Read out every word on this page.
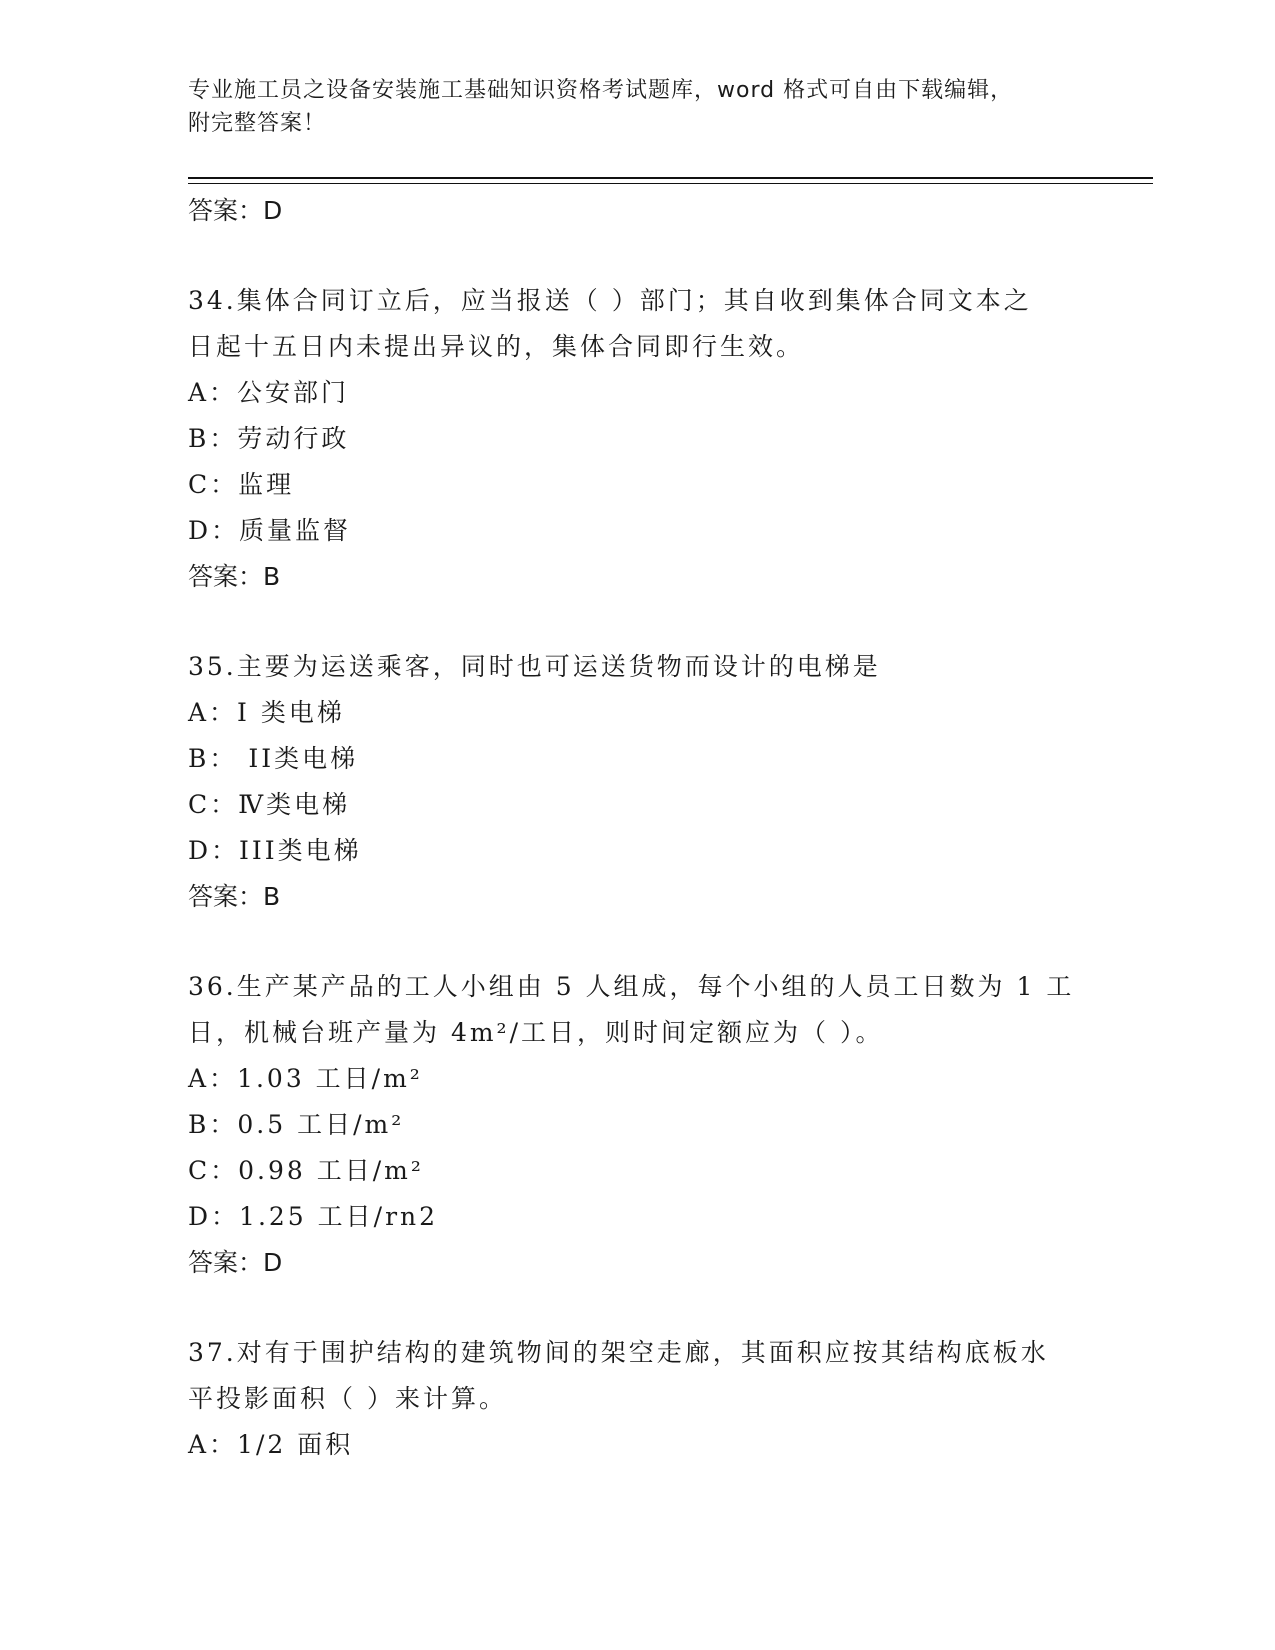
专业施工员之设备安装施工基础知识资格考试题库，word 格式可自由下载编辑，
附完整答案！
答案：D
34.集体合同订立后，应当报送（ ）部门；其自收到集体合同文本之
日起十五日内未提出异议的，集体合同即行生效。
A：公安部门
B：劳动行政
C：监理
D：质量监督
答案：B
35.主要为运送乘客，同时也可运送货物而设计的电梯是
A：I 类电梯
B： II类电梯
C：Ⅳ类电梯
D：III类电梯
答案：B
36.生产某产品的工人小组由 5 人组成，每个小组的人员工日数为 1 工
日，机械台班产量为 4m²/工日，则时间定额应为（ ）。
A：1.03 工日/m²
B：0.5 工日/m²
C：0.98 工日/m²
D：1.25 工日/rn2
答案：D
37.对有于围护结构的建筑物间的架空走廊，其面积应按其结构底板水
平投影面积（ ）来计算。
A：1/2 面积
